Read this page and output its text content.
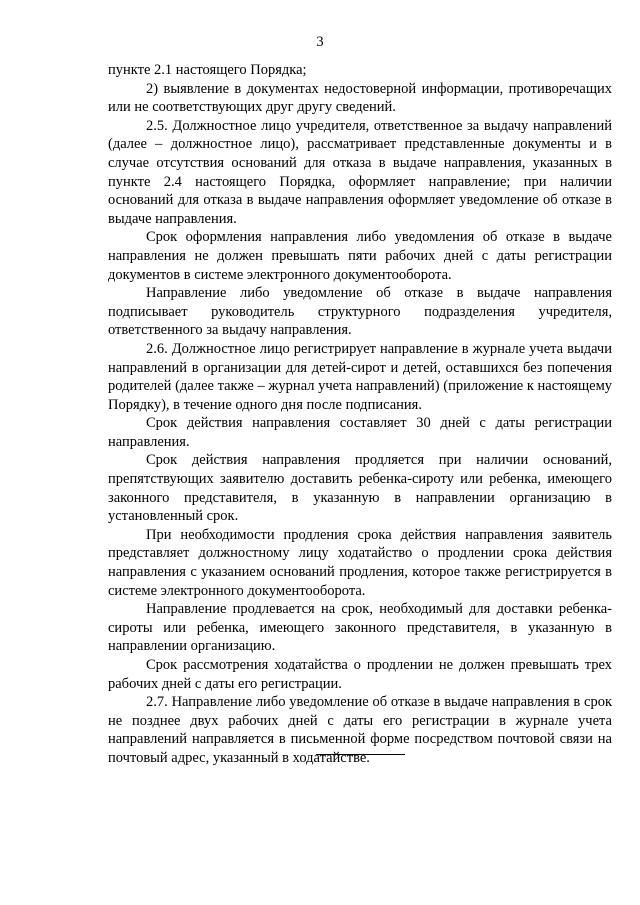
3

пункте 2.1 настоящего Порядка;

2) выявление в документах недостоверной информации, противоречащих или не соответствующих друг другу сведений.

2.5. Должностное лицо учредителя, ответственное за выдачу направлений (далее – должностное лицо), рассматривает представленные документы и в случае отсутствия оснований для отказа в выдаче направления, указанных в пункте 2.4 настоящего Порядка, оформляет направление; при наличии оснований для отказа в выдаче направления оформляет уведомление об отказе в выдаче направления.

Срок оформления направления либо уведомления об отказе в выдаче направления не должен превышать пяти рабочих дней с даты регистрации документов в системе электронного документооборота.

Направление либо уведомление об отказе в выдаче направления подписывает руководитель структурного подразделения учредителя, ответственного за выдачу направления.

2.6. Должностное лицо регистрирует направление в журнале учета выдачи направлений в организации для детей-сирот и детей, оставшихся без попечения родителей (далее также – журнал учета направлений) (приложение к настоящему Порядку), в течение одного дня после подписания.

Срок действия направления составляет 30 дней с даты регистрации направления.

Срок действия направления продляется при наличии оснований, препятствующих заявителю доставить ребенка-сироту или ребенка, имеющего законного представителя, в указанную в направлении организацию в установленный срок.

При необходимости продления срока действия направления заявитель представляет должностному лицу ходатайство о продлении срока действия направления с указанием оснований продления, которое также регистрируется в системе электронного документооборота.

Направление продлевается на срок, необходимый для доставки ребенка-сироты или ребенка, имеющего законного представителя, в указанную в направлении организацию.

Срок рассмотрения ходатайства о продлении не должен превышать трех рабочих дней с даты его регистрации.

2.7. Направление либо уведомление об отказе в выдаче направления в срок не позднее двух рабочих дней с даты его регистрации в журнале учета направлений направляется в письменной форме посредством почтовой связи на почтовый адрес, указанный в ходатайстве.
